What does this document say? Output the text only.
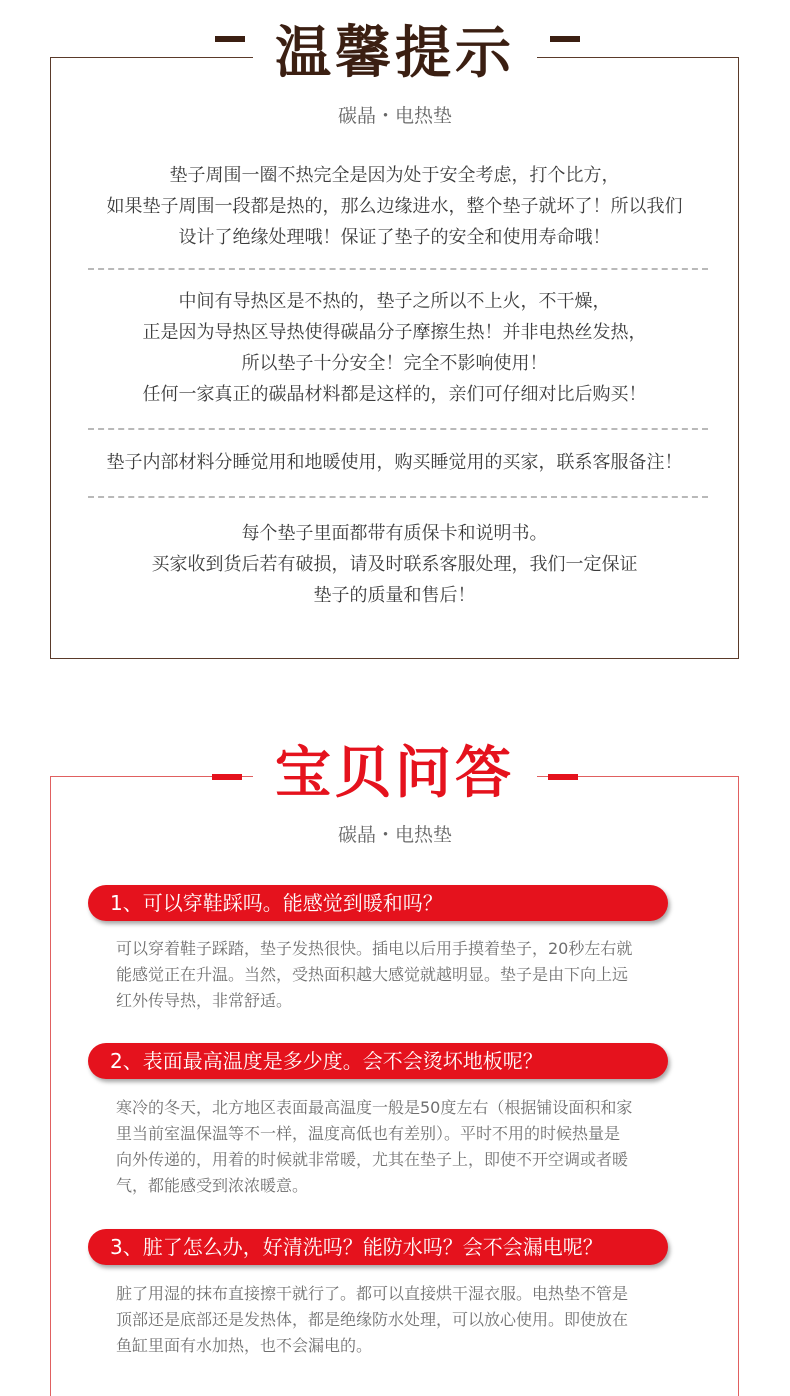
温馨提示
碳晶・电热垫
垫子周围一圈不热完全是因为处于安全考虑，打个比方，
如果垫子周围一段都是热的，那么边缘进水，整个垫子就坏了！所以我们
设计了绝缘处理哦！保证了垫子的安全和使用寿命哦！
中间有导热区是不热的，垫子之所以不上火，不干燥，
正是因为导热区导热使得碳晶分子摩擦生热！并非电热丝发热，
所以垫子十分安全！完全不影响使用！
任何一家真正的碳晶材料都是这样的，亲们可仔细对比后购买！
垫子内部材料分睡觉用和地暖使用，购买睡觉用的买家，联系客服备注！
每个垫子里面都带有质保卡和说明书。
买家收到货后若有破损，请及时联系客服处理，我们一定保证
垫子的质量和售后！
宝贝问答
碳晶・电热垫
1、可以穿鞋踩吗。能感觉到暖和吗？
可以穿着鞋子踩踏，垫子发热很快。插电以后用手摸着垫子，20秒左右就
能感觉正在升温。当然，受热面积越大感觉就越明显。垫子是由下向上远
红外传导热，非常舒适。
2、表面最高温度是多少度。会不会烫坏地板呢？
寒冷的冬天，北方地区表面最高温度一般是50度左右（根据铺设面积和家
里当前室温保温等不一样，温度高低也有差别）。平时不用的时候热量是
向外传递的，用着的时候就非常暖，尤其在垫子上，即使不开空调或者暖
气，都能感受到浓浓暖意。
3、脏了怎么办，好清洗吗？能防水吗？会不会漏电呢？
脏了用湿的抹布直接擦干就行了。都可以直接烘干湿衣服。电热垫不管是
顶部还是底部还是发热体，都是绝缘防水处理，可以放心使用。即使放在
鱼缸里面有水加热，也不会漏电的。
